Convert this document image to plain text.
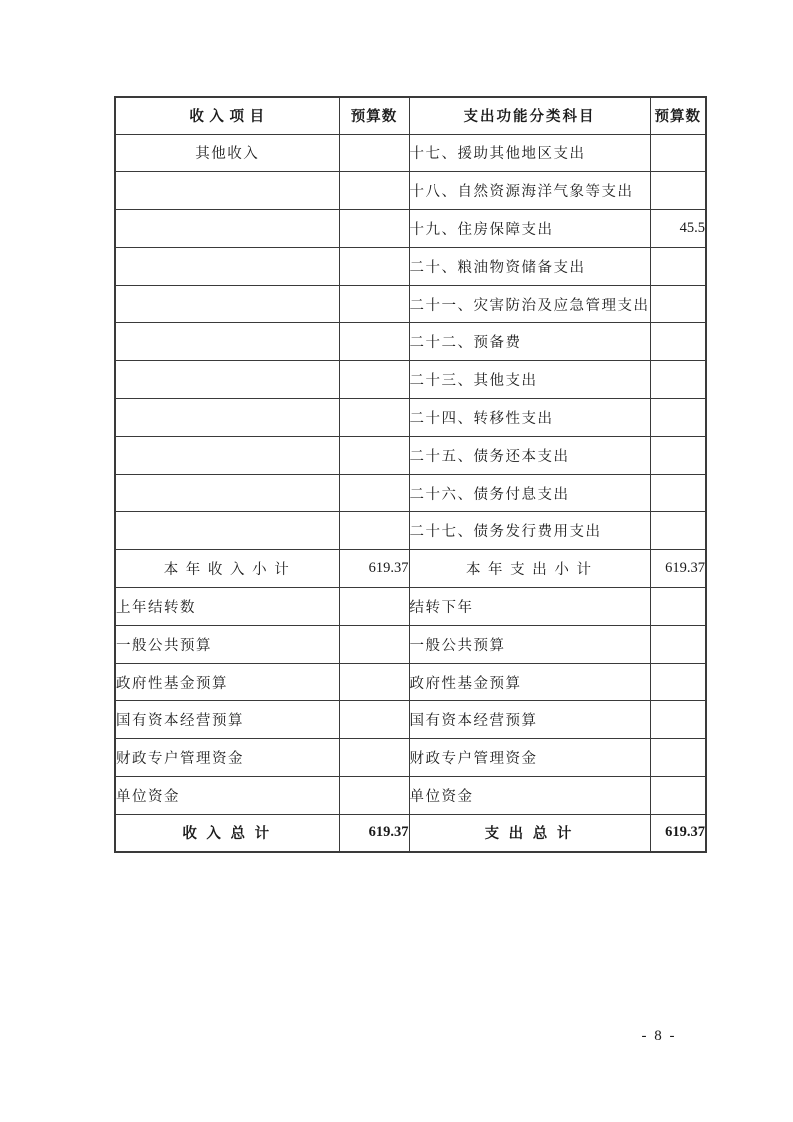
收 入 项 目	预算数	支出功能分类科目	预算数
其他收入		十七、援助其他地区支出	
		十八、自然资源海洋气象等支出	
		十九、住房保障支出	45.5
		二十、粮油物资储备支出	
		二十一、灾害防治及应急管理支出	
		二十二、预备费	
		二十三、其他支出	
		二十四、转移性支出	
		二十五、债务还本支出	
		二十六、债务付息支出	
		二十七、债务发行费用支出	
本 年 收 入 小 计	619.37	本 年 支 出 小 计	619.37
上年结转数		结转下年	
一般公共预算		一般公共预算	
政府性基金预算		政府性基金预算	
国有资本经营预算		国有资本经营预算	
财政专户管理资金		财政专户管理资金	
单位资金		单位资金	
收 入 总 计	619.37	支 出 总 计	619.37
- 8 -
